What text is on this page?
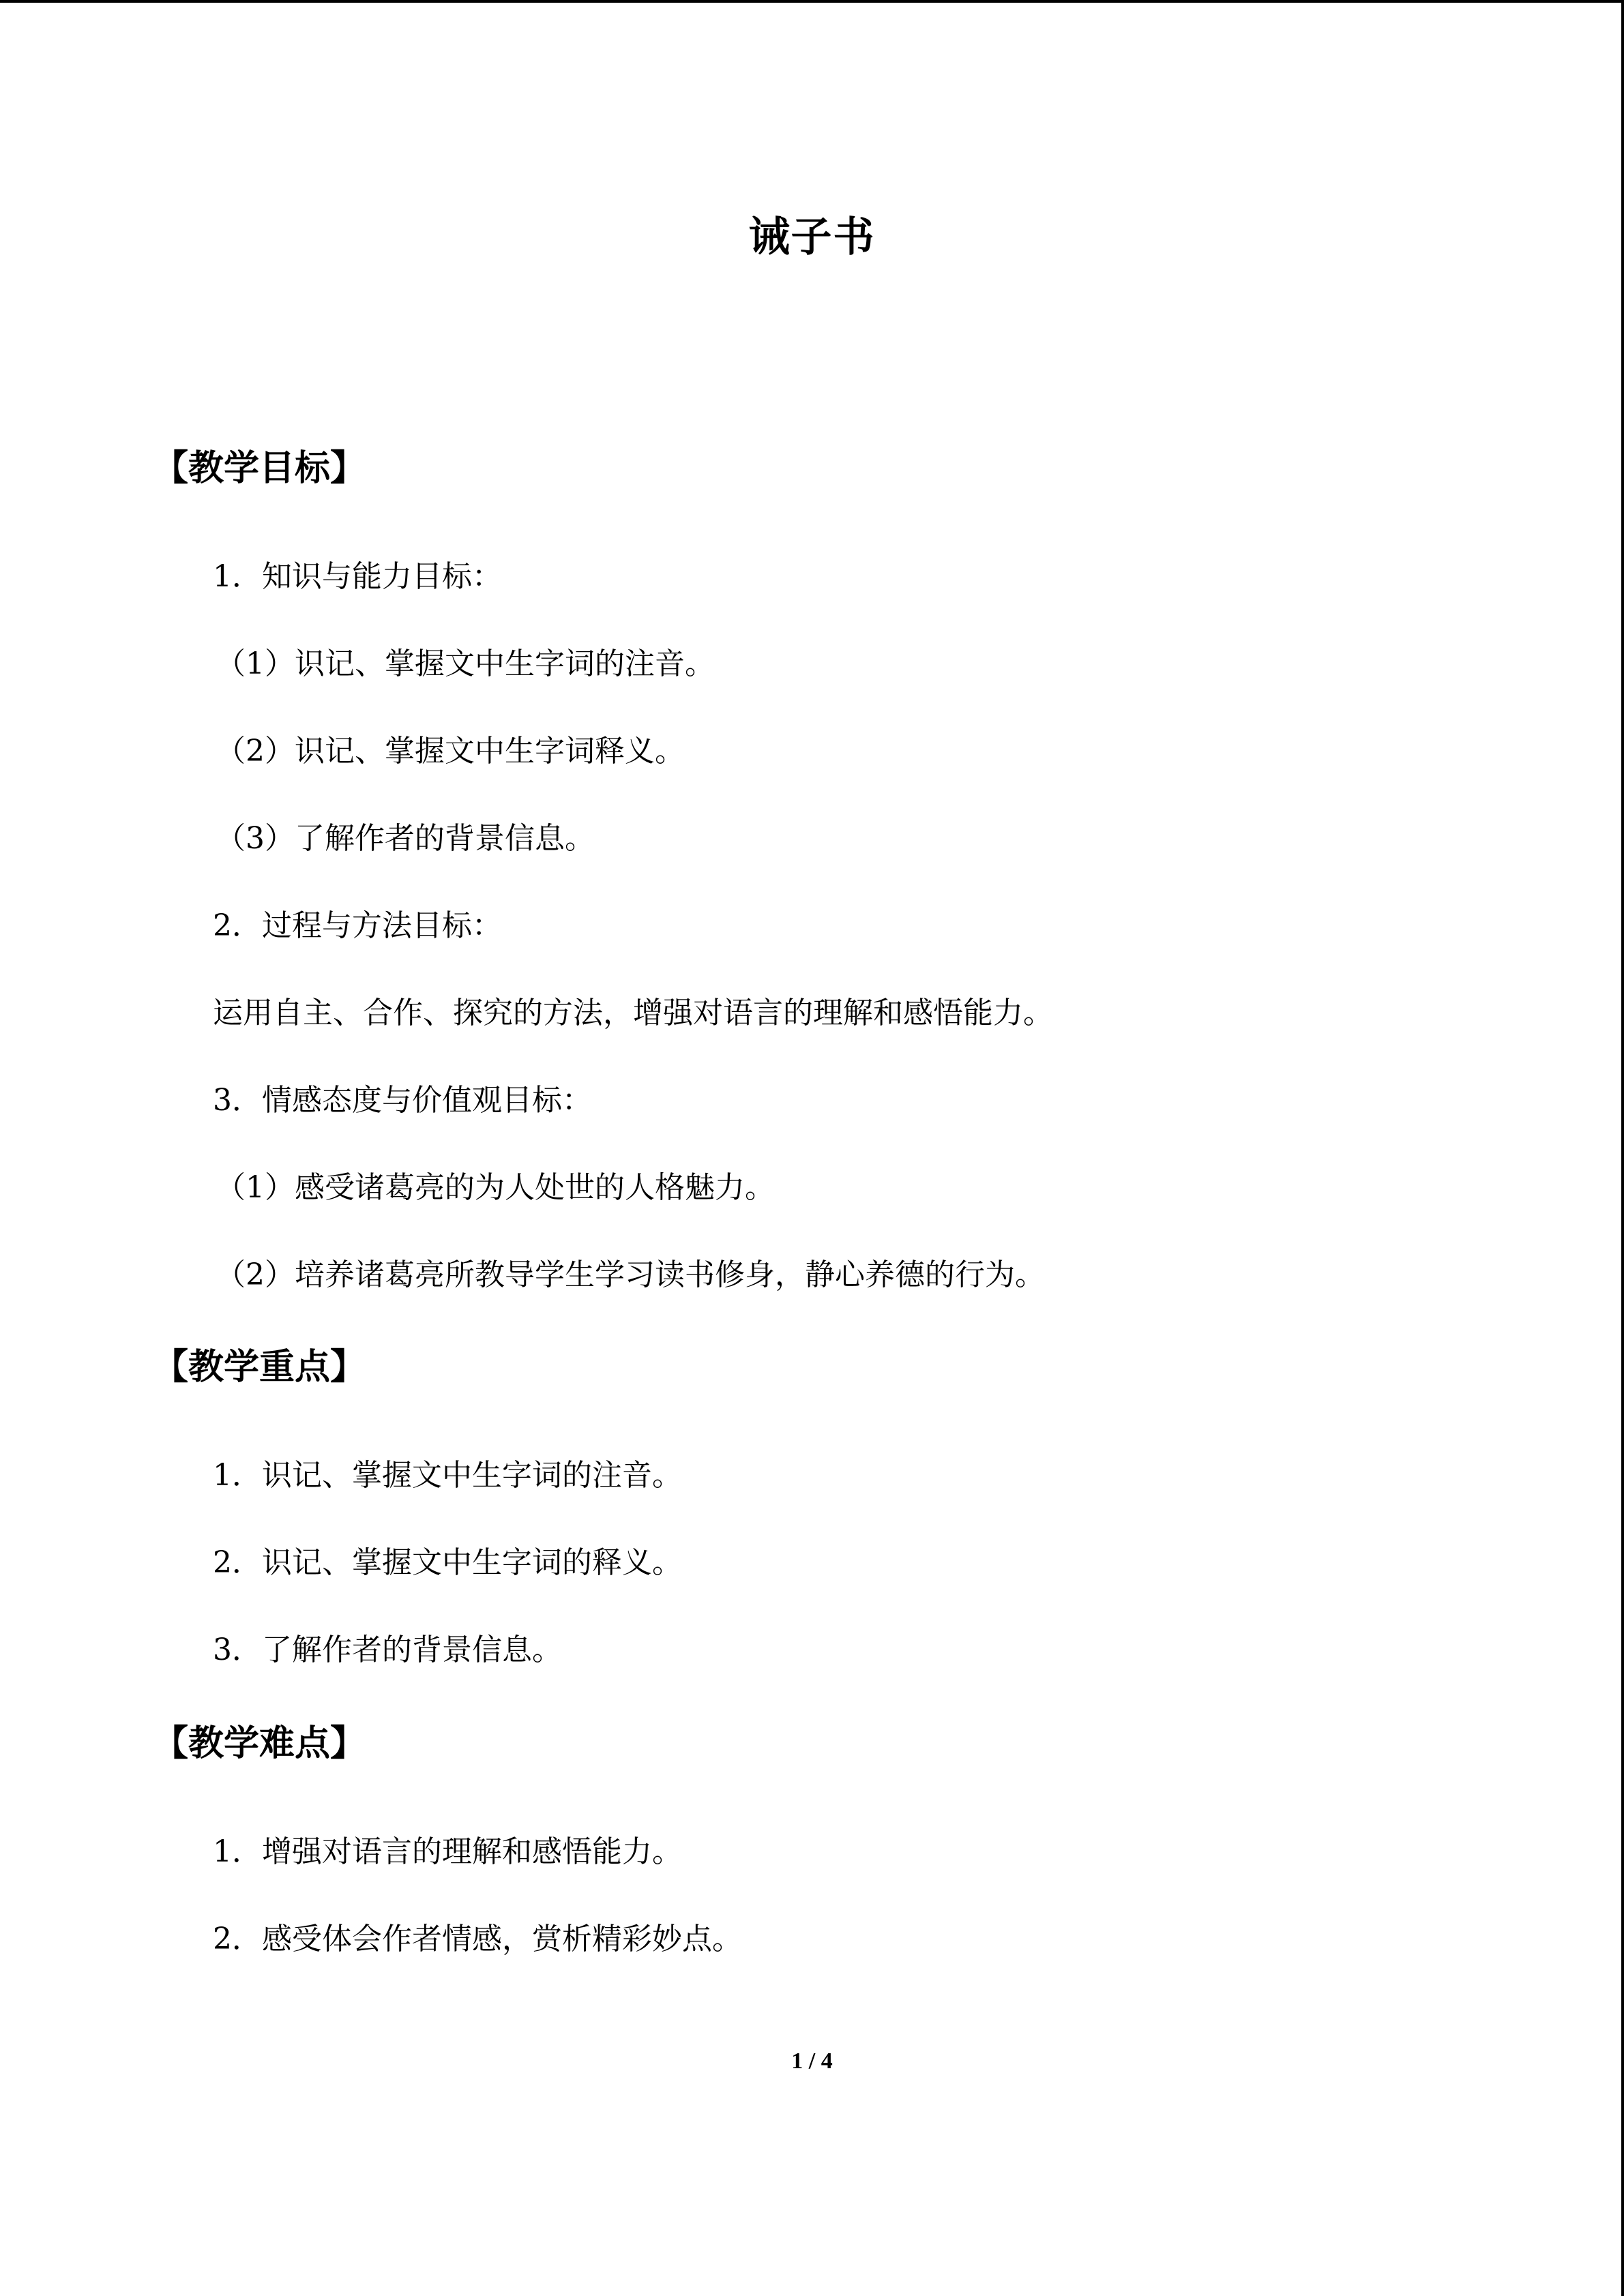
诫子书
【教学目标】
1．知识与能力目标：
（1）识记、掌握文中生字词的注音。
（2）识记、掌握文中生字词释义。
（3）了解作者的背景信息。
2．过程与方法目标：
运用自主、合作、探究的方法，增强对语言的理解和感悟能力。
3．情感态度与价值观目标：
（1）感受诸葛亮的为人处世的人格魅力。
（2）培养诸葛亮所教导学生学习读书修身，静心养德的行为。
【教学重点】
1．识记、掌握文中生字词的注音。
2．识记、掌握文中生字词的释义。
3．了解作者的背景信息。
【教学难点】
1．增强对语言的理解和感悟能力。
2．感受体会作者情感，赏析精彩妙点。
1 / 4
